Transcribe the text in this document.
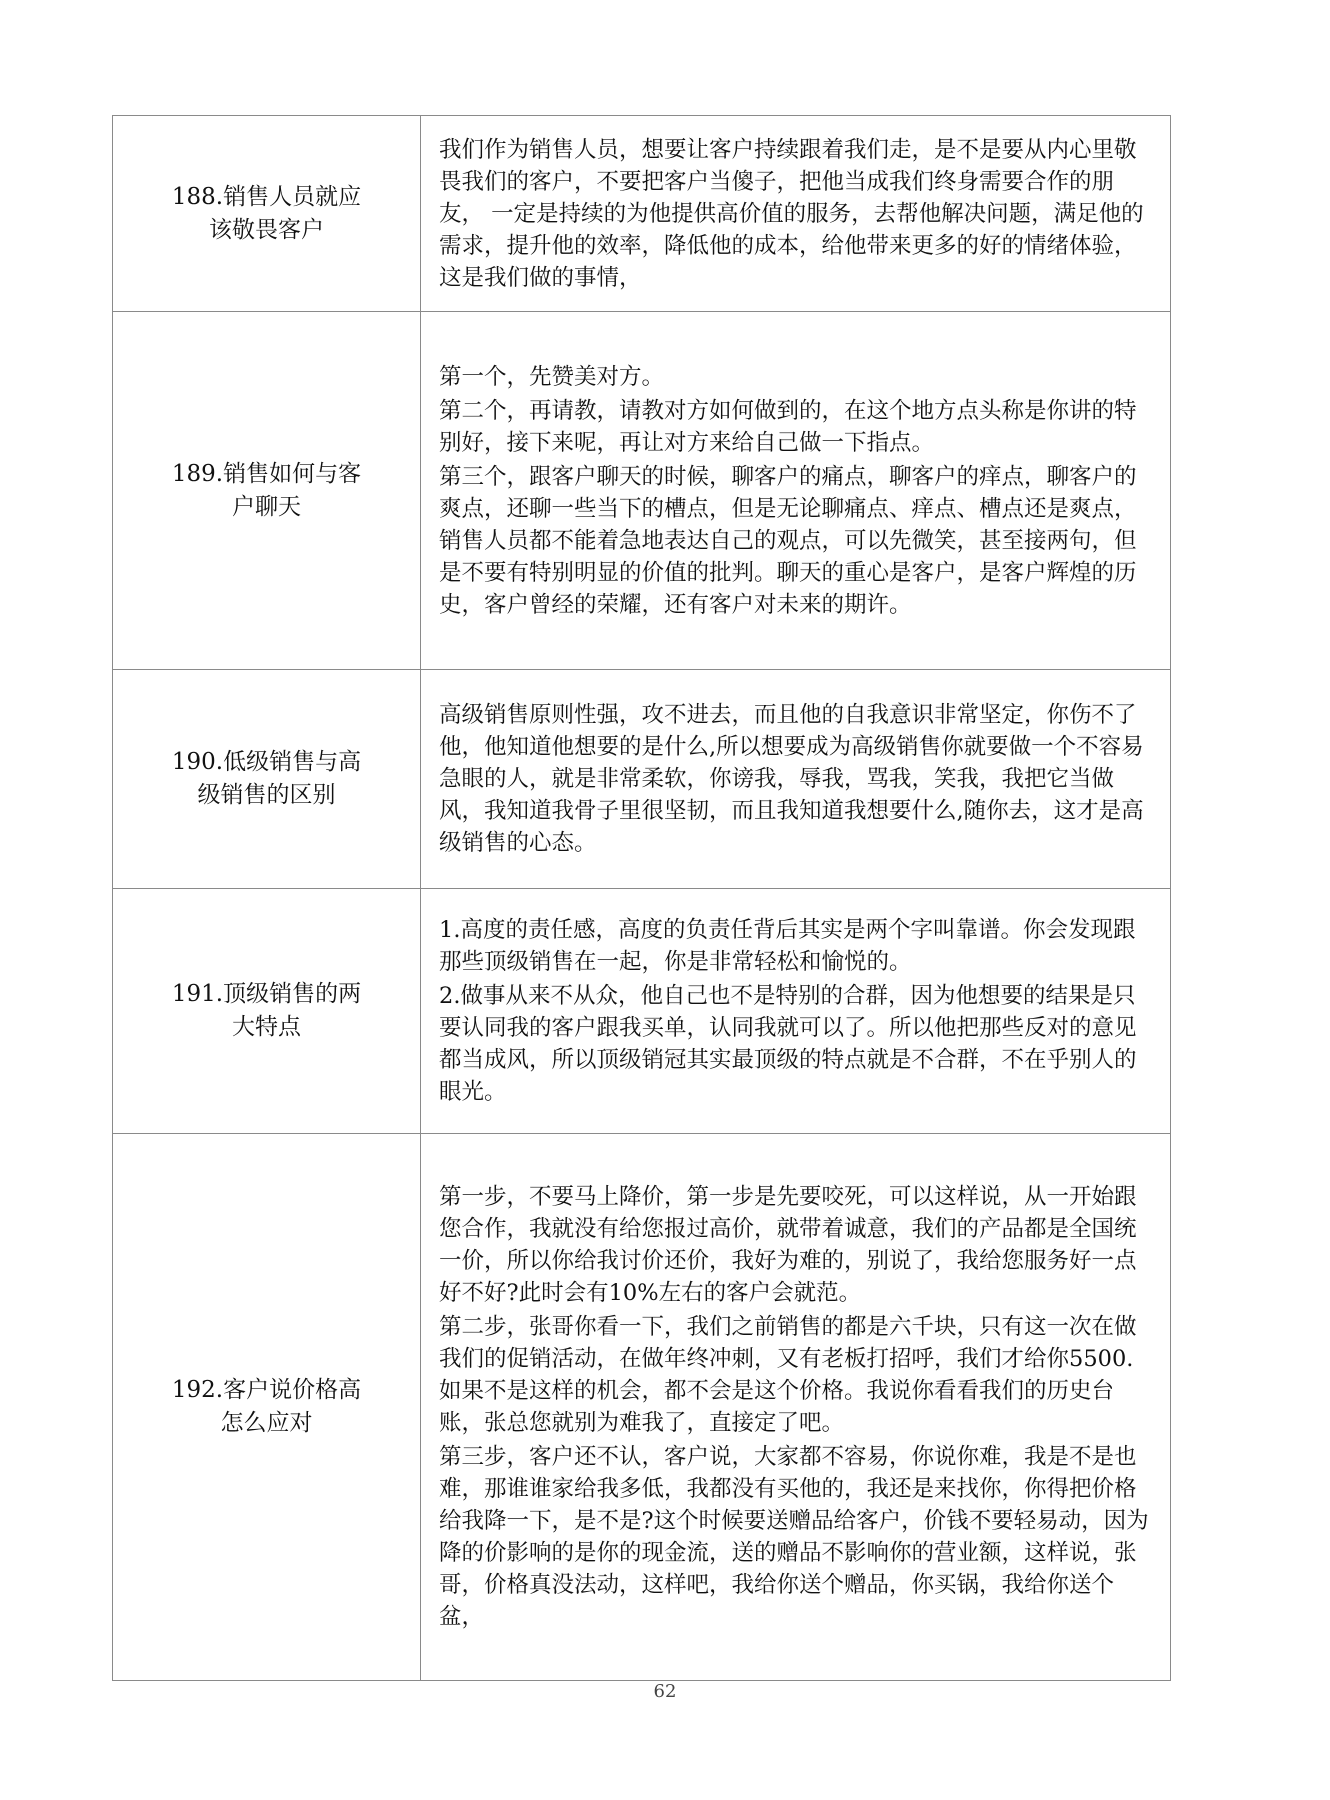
188.销售人员就应该敬畏客户	我们作为销售人员，想要让客户持续跟着我们走，是不是要从内心里敬畏我们的客户，不要把客户当傻子，把他当成我们终身需要合作的朋友， 一定是持续的为他提供高价值的服务，去帮他解决问题，满足他的需求，提升他的效率，降低他的成本，给他带来更多的好的情绪体验，这是我们做的事情，

189.销售如何与客户聊天	第一个，先赞美对方。

第二个，再请教，请教对方如何做到的，在这个地方点头称是你讲的特别好，接下来呢，再让对方来给自己做一下指点。

第三个，跟客户聊天的时候，聊客户的痛点，聊客户的痒点，聊客户的爽点，还聊一些当下的槽点，但是无论聊痛点、痒点、槽点还是爽点，销售人员都不能着急地表达自己的观点，可以先微笑，甚至接两句，但是不要有特别明显的价值的批判。聊天的重心是客户，是客户辉煌的历史，客户曾经的荣耀，还有客户对未来的期许。

190.低级销售与高级销售的区别	高级销售原则性强，攻不进去，而且他的自我意识非常坚定，你伤不了他，他知道他想要的是什么,所以想要成为高级销售你就要做一个不容易急眼的人，就是非常柔软，你谤我，辱我，骂我，笑我，我把它当做风，我知道我骨子里很坚韧，而且我知道我想要什么,随你去，这才是高级销售的心态。

191.顶级销售的两大特点	1.高度的责任感，高度的负责任背后其实是两个字叫靠谱。你会发现跟那些顶级销售在一起，你是非常轻松和愉悦的。

2.做事从来不从众，他自己也不是特别的合群，因为他想要的结果是只要认同我的客户跟我买单，认同我就可以了。所以他把那些反对的意见都当成风，所以顶级销冠其实最顶级的特点就是不合群，不在乎别人的眼光。

192.客户说价格高怎么应对	第一步，不要马上降价，第一步是先要咬死，可以这样说，从一开始跟您合作，我就没有给您报过高价，就带着诚意，我们的产品都是全国统一价，所以你给我讨价还价，我好为难的，别说了，我给您服务好一点好不好?此时会有10%左右的客户会就范。

第二步，张哥你看一下，我们之前销售的都是六千块，只有这一次在做我们的促销活动，在做年终冲刺，又有老板打招呼，我们才给你5500.如果不是这样的机会，都不会是这个价格。我说你看看我们的历史台账，张总您就别为难我了，直接定了吧。

第三步，客户还不认，客户说，大家都不容易，你说你难，我是不是也难，那谁谁家给我多低，我都没有买他的，我还是来找你，你得把价格给我降一下，是不是?这个时候要送赠品给客户，价钱不要轻易动，因为降的价影响的是你的现金流，送的赠品不影响你的营业额，这样说，张哥，价格真没法动，这样吧，我给你送个赠品，你买锅，我给你送个盆，

62
